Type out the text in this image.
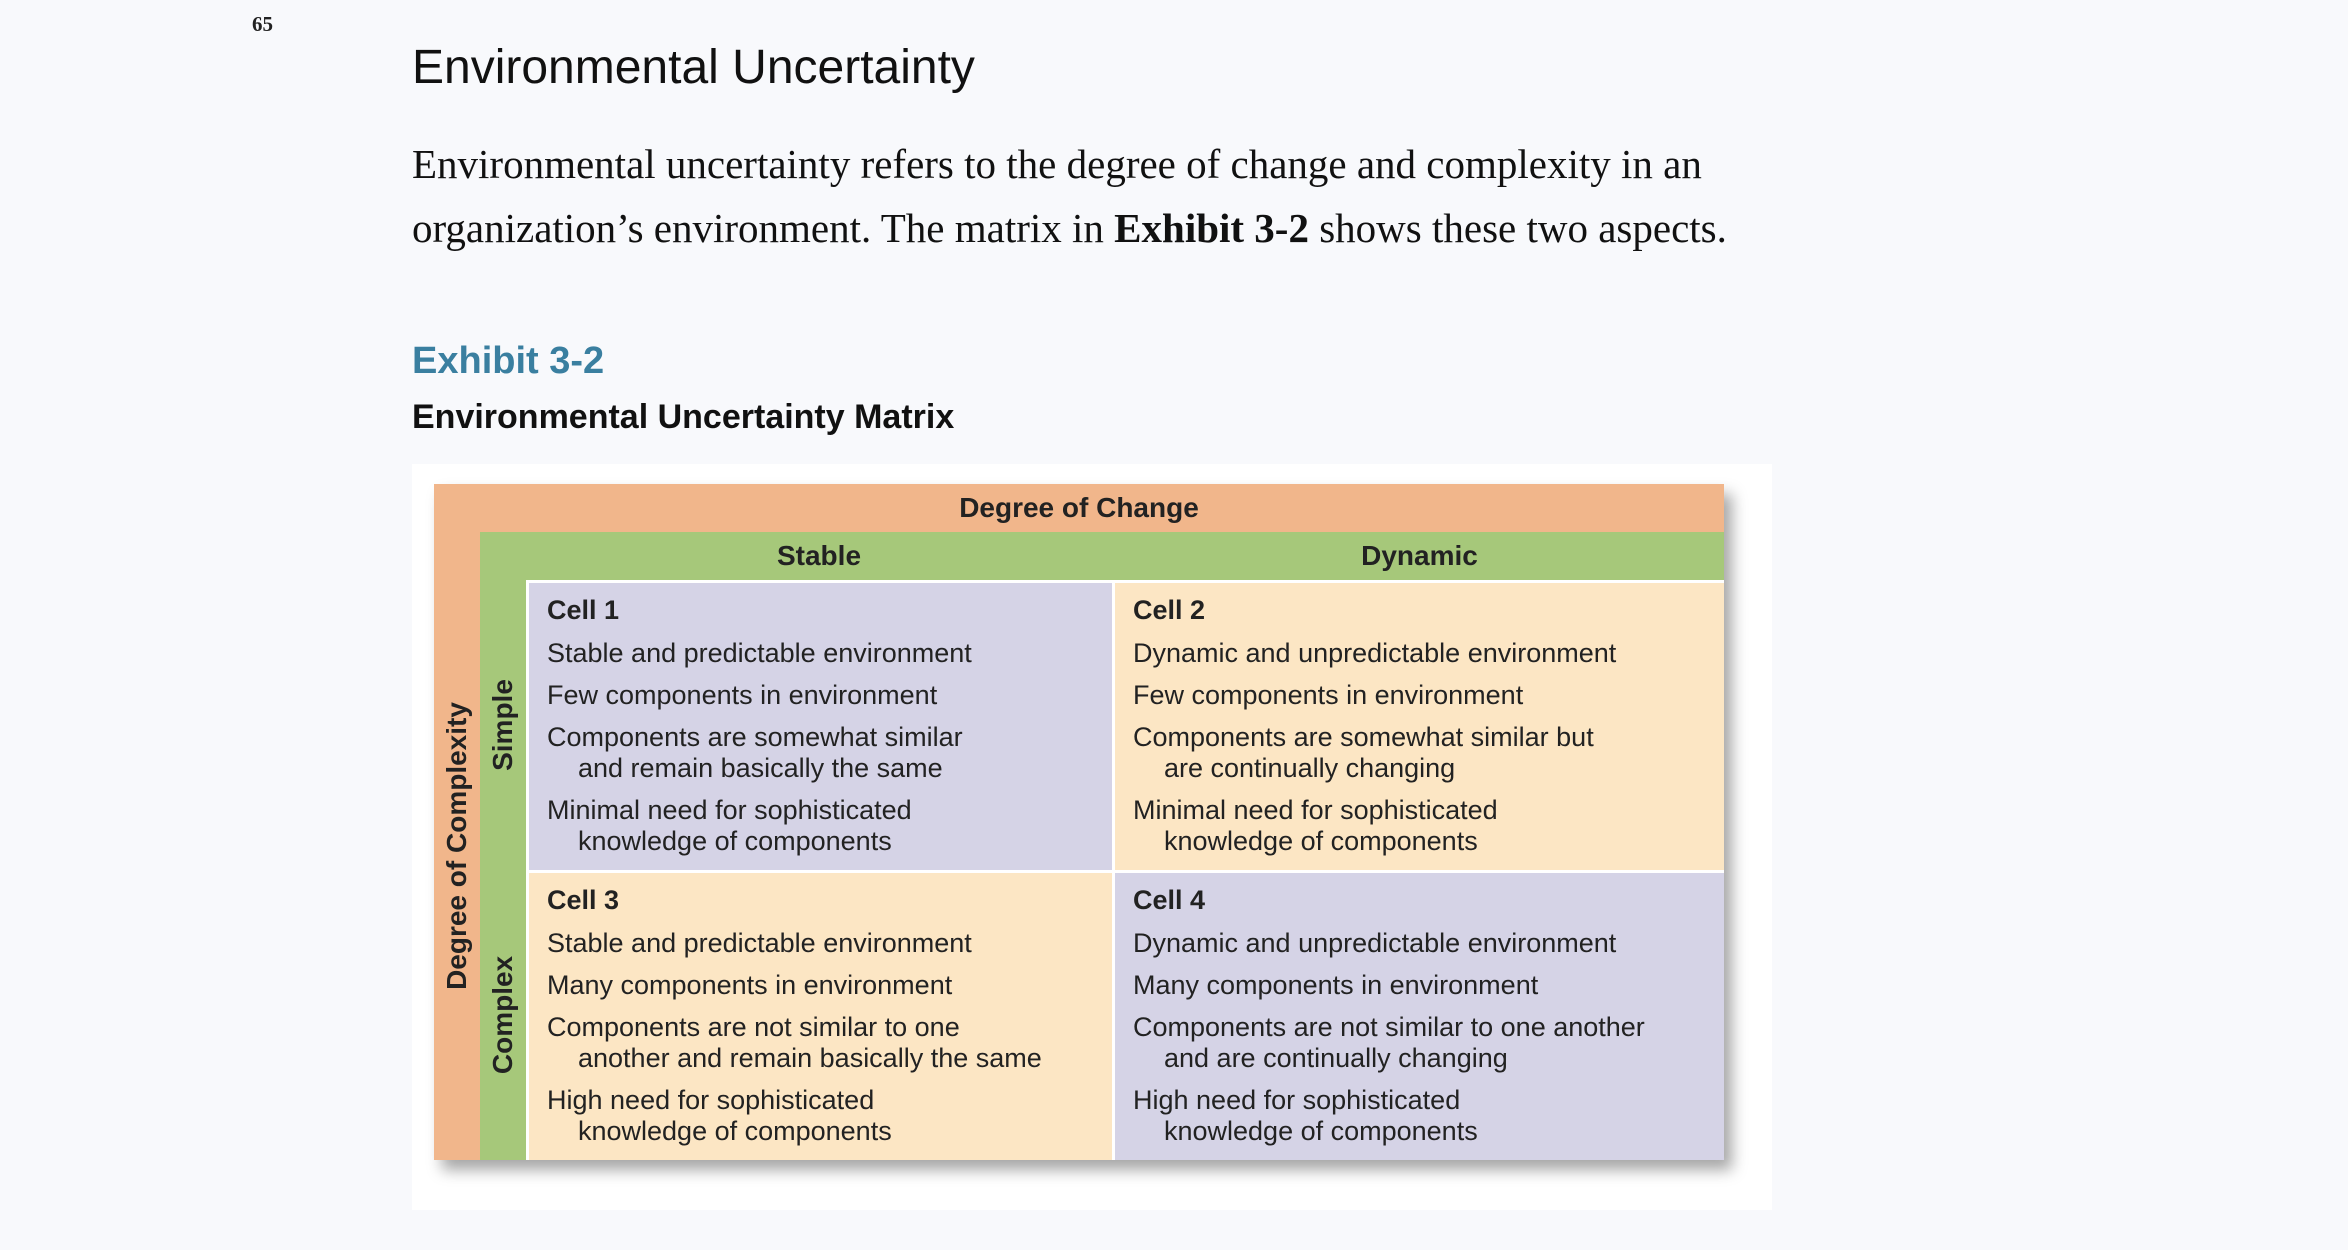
65
Environmental Uncertainty

Environmental uncertainty refers to the degree of change and complexity in an
organization’s environment. The matrix in Exhibit 3-2 shows these two aspects.

Exhibit 3-2
Environmental Uncertainty Matrix
Degree of Change
Degree of Complexity
Stable	Dynamic
Simple
Complex
Cell 1
Stable and predictable environment
Few components in environment
Components are somewhat similar
and remain basically the same
Minimal need for sophisticated
knowledge of components
Cell 2
Dynamic and unpredictable environment
Few components in environment
Components are somewhat similar but
are continually changing
Minimal need for sophisticated
knowledge of components
Cell 3
Stable and predictable environment
Many components in environment
Components are not similar to one
another and remain basically the same
High need for sophisticated
knowledge of components
Cell 4
Dynamic and unpredictable environment
Many components in environment
Components are not similar to one another
and are continually changing
High need for sophisticated
knowledge of components
